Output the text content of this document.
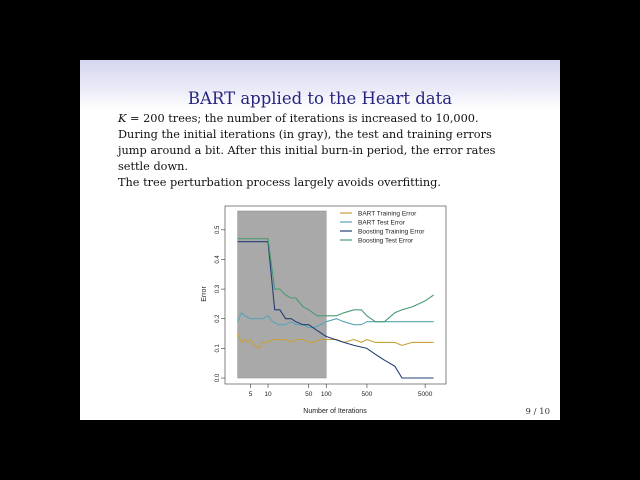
BART applied to the Heart data

K = 200 trees; the number of iterations is increased to 10,000.

During the initial iterations (in gray), the test and training errors

jump around a bit. After this initial burn-in period, the error rates

settle down.

The tree perturbation process largely avoids overfitting.

0.0
0.1
0.2
0.3
0.4
0.5
5 10	50 100	500	5000
BART Training Error
BART Test Error
Boosting Training Error
Boosting Test Error
Number of Iterations
Error
9 / 10
